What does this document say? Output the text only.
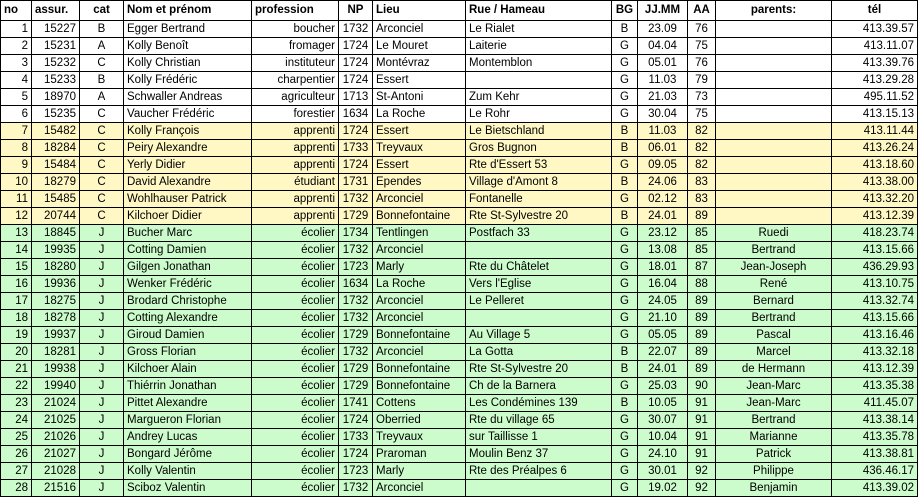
no	assur.	cat	Nom et prénom	profession	NP	Lieu	Rue / Hameau	BG	JJ.MM	AA	parents:	tél
1	15227	B	Egger Bertrand	boucher	1732	Arconciel	Le Rialet	B	23.09	76		413.39.57
2	15231	A	Kolly Benoît	fromager	1724	Le Mouret	Laiterie	G	04.04	75		413.11.07
3	15232	C	Kolly Christian	instituteur	1724	Montévraz	Montemblon	G	05.01	76		413.39.76
4	15233	B	Kolly Frédéric	charpentier	1724	Essert		G	11.03	79		413.29.28
5	18970	A	Schwaller Andreas	agriculteur	1713	St-Antoni	Zum Kehr	G	21.03	73		495.11.52
6	15235	C	Vaucher Frédéric	forestier	1634	La Roche	Le Rohr	G	30.04	75		413.15.13
7	15482	C	Kolly François	apprenti	1724	Essert	Le Bietschland	B	11.03	82		413.11.44
8	18284	C	Peiry Alexandre	apprenti	1733	Treyvaux	Gros Bugnon	B	06.01	82		413.26.24
9	15484	C	Yerly Didier	apprenti	1724	Essert	Rte d'Essert 53	G	09.05	82		413.18.60
10	18279	C	David Alexandre	étudiant	1731	Ependes	Village d'Amont 8	B	24.06	83		413.38.00
11	15485	C	Wohlhauser Patrick	apprenti	1732	Arconciel	Fontanelle	G	02.12	83		413.32.20
12	20744	C	Kilchoer Didier	apprenti	1729	Bonnefontaine	Rte St-Sylvestre 20	B	24.01	89		413.12.39
13	18845	J	Bucher Marc	écolier	1734	Tentlingen	Postfach 33	G	23.12	85	Ruedi	418.23.74
14	19935	J	Cotting Damien	écolier	1732	Arconciel		G	13.08	85	Bertrand	413.15.66
15	18280	J	Gilgen Jonathan	écolier	1723	Marly	Rte du Châtelet	G	18.01	87	Jean-Joseph	436.29.93
16	19936	J	Wenker Frédéric	écolier	1634	La Roche	Vers l'Eglise	G	16.04	88	René	413.10.75
17	18275	J	Brodard Christophe	écolier	1732	Arconciel	Le Pelleret	G	24.05	89	Bernard	413.32.74
18	18278	J	Cotting Alexandre	écolier	1732	Arconciel		G	21.10	89	Bertrand	413.15.66
19	19937	J	Giroud Damien	écolier	1729	Bonnefontaine	Au Village 5	G	05.05	89	Pascal	413.16.46
20	18281	J	Gross Florian	écolier	1732	Arconciel	La Gotta	B	22.07	89	Marcel	413.32.18
21	19938	J	Kilchoer Alain	écolier	1729	Bonnefontaine	Rte St-Sylvestre 20	B	24.01	89	de Hermann	413.12.39
22	19940	J	Thiérrin Jonathan	écolier	1729	Bonnefontaine	Ch de la Barnera	G	25.03	90	Jean-Marc	413.35.38
23	21024	J	Pittet Alexandre	écolier	1741	Cottens	Les Condémines 139	B	10.05	91	Jean-Marc	411.45.07
24	21025	J	Margueron Florian	écolier	1724	Oberried	Rte du village 65	G	30.07	91	Bertrand	413.38.14
25	21026	J	Andrey Lucas	écolier	1733	Treyvaux	sur Taillisse 1	G	10.04	91	Marianne	413.35.78
26	21027	J	Bongard Jérôme	écolier	1724	Praroman	Moulin Benz 37	G	24.10	91	Patrick	413.38.81
27	21028	J	Kolly Valentin	écolier	1723	Marly	Rte des Préalpes 6	G	30.01	92	Philippe	436.46.17
28	21516	J	Sciboz Valentin	écolier	1732	Arconciel		G	19.02	92	Benjamin	413.39.02
